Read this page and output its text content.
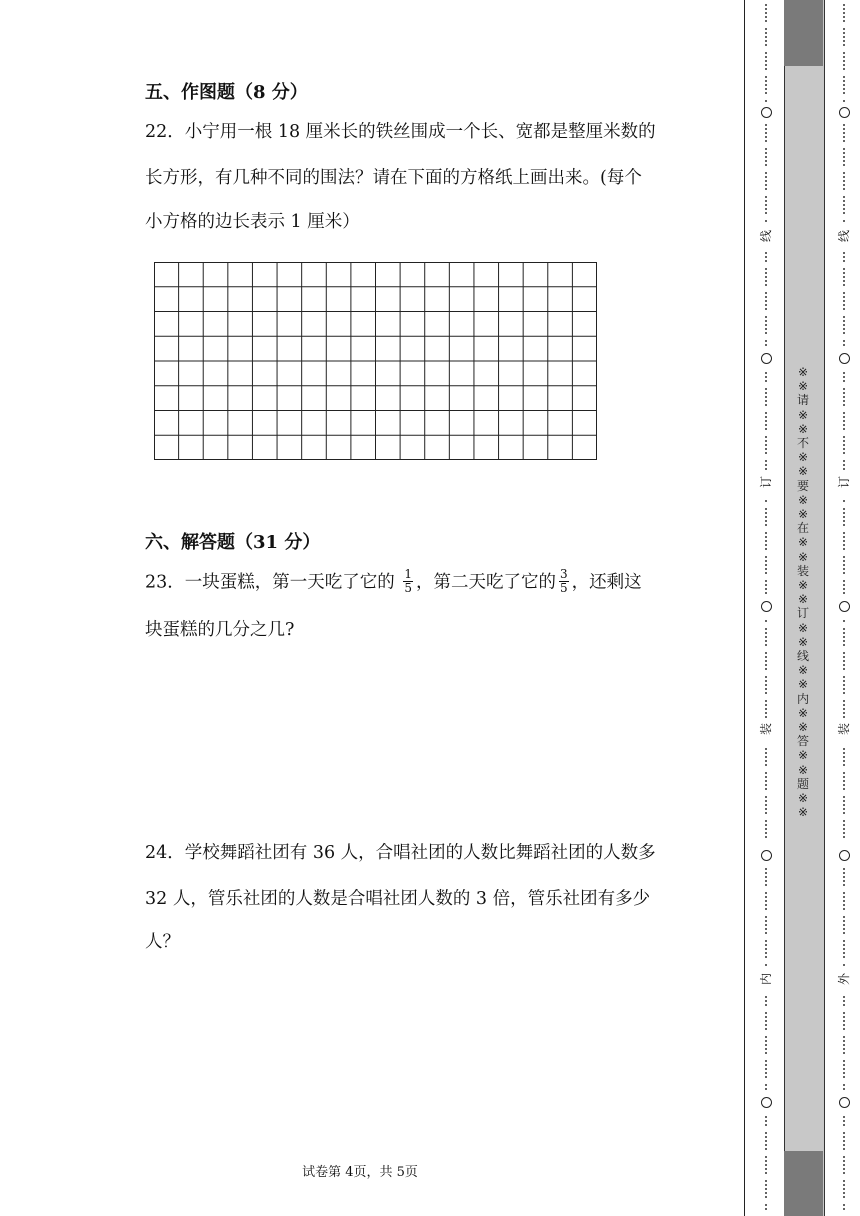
五、作图题（8 分）
22．小宁用一根 18 厘米长的铁丝围成一个长、宽都是整厘米数的
长方形，有几种不同的围法？请在下面的方格纸上画出来。(每个
小方格的边长表示 1 厘米）
六、解答题（31 分）
23．一块蛋糕，第一天吃了它的 $\frac{1}{5}$ ，第二天吃了它的 $\frac{3}{5}$ ，还剩这
块蛋糕的几分之几?
24．学校舞蹈社团有 36 人，合唱社团的人数比舞蹈社团的人数多
32 人，管乐社团的人数是合唱社团人数的 3 倍，管乐社团有多少
人？
试卷第 4页，共 5页
※
※
请
※
※
不
※
※
要
※
※
在
※
※
装
※
※
订
※
※
线
※
※
内
※
※
答
※
※
题
※
※
线
订
装
内
线
订
装
外
